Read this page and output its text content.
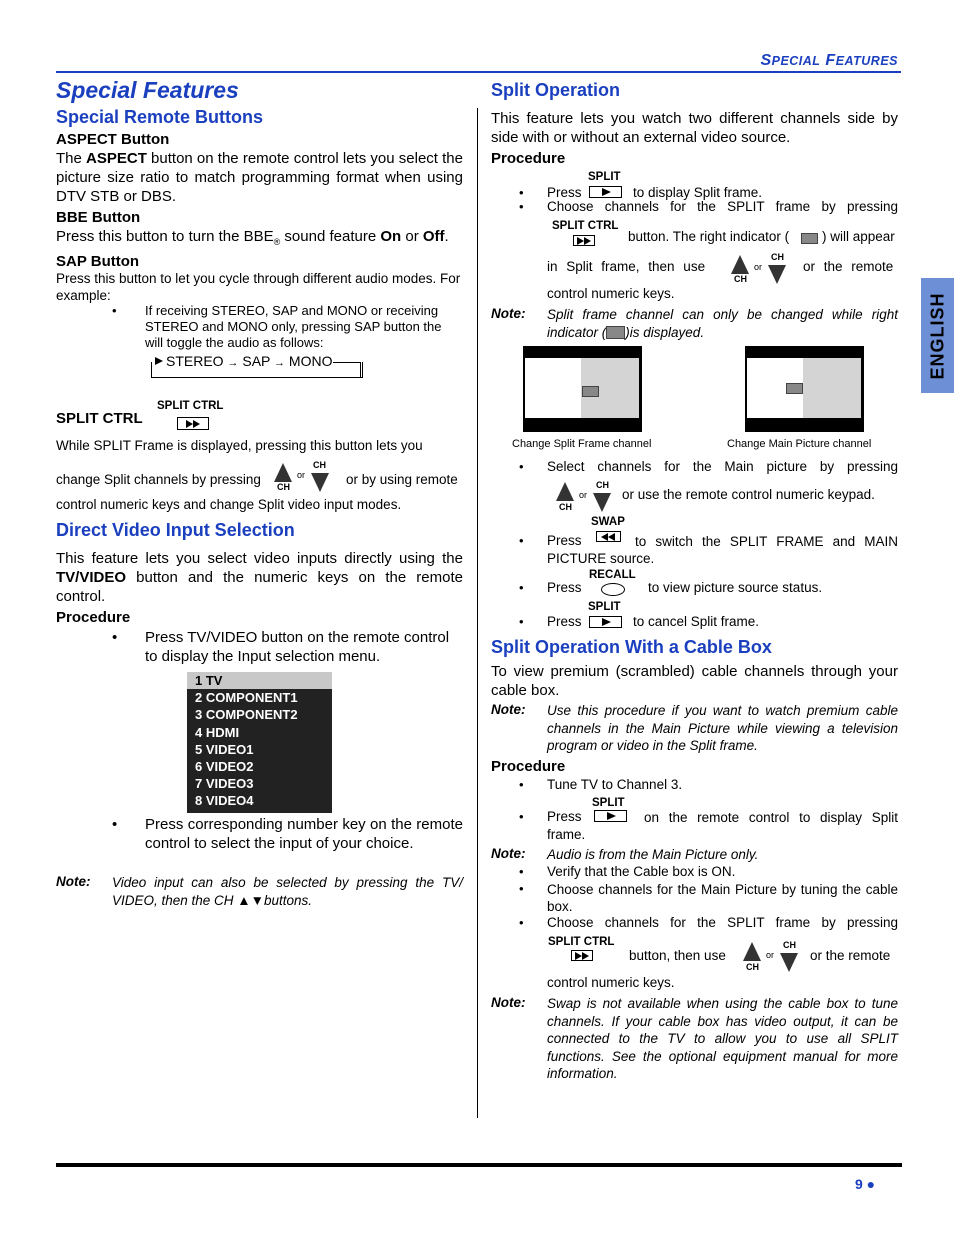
SPECIAL FEATURES
ENGLISH
Special Features
Special Remote Buttons
ASPECT Button
The ASPECT button on the remote control lets you select the picture size ratio to match programming format when using DTV STB or DBS.
BBE Button
Press this button to turn the $BBE_®$ sound feature On or Off.
SAP Button
Press this button to let you cycle through different audio modes. For example:
• If receiving STEREO, SAP and MONO or receiving STEREO and MONO only, pressing SAP button the will toggle the audio as follows:
STEREO → SAP → MONO
SPLIT CTRL
SPLIT CTRL
While SPLIT Frame is displayed, pressing this button lets you
change Split channels by pressing CH
or
CH
or by using remote
control numeric keys and change Split video input modes.
Direct Video Input Selection
This feature lets you select video inputs directly using the TV/VIDEO button and the numeric keys on the remote control.
Procedure
• Press TV/VIDEO button on the remote control to display the Input selection menu.
1 TV
2 COMPONENT1
3 COMPONENT2
4 HDMI
5 VIDEO1
6 VIDEO2
7 VIDEO3
8 VIDEO4
• Press corresponding number key on the remote control to select the input of your choice.
Note: Video input can also be selected by pressing the TV/ VIDEO, then the CH ▲▼buttons.
Split Operation
This feature lets you watch two different channels side by side with or without an external video source.
Procedure
SPLIT
• Press	to display Split frame.
• Choose channels for the SPLIT frame by pressing
SPLIT CTRL
button. The right indicator ( ) will appear
in Split frame, then use
CH
or
CH
or the remote
control numeric keys.
Note: Split frame channel can only be changed while right indicator ( )is displayed.
Change Split Frame channel	Change Main Picture channel
• Select channels for the Main picture by pressing
CH
or
CH
or use the remote control numeric keypad.
SWAP
• Press	to switch the SPLIT FRAME and MAIN PICTURE source.
RECALL
• Press	to view picture source status.
SPLIT
• Press	to cancel Split frame.
Split Operation With a Cable Box
To view premium (scrambled) cable channels through your cable box.
Note: Use this procedure if you want to watch premium cable channels in the Main Picture while viewing a television program or video in the Split frame.
Procedure
• Tune TV to Channel 3.
SPLIT
• Press	on the remote control to display Split frame.
Note: Audio is from the Main Picture only.
• Verify that the Cable box is ON.
• Choose channels for the Main Picture by tuning the cable box.
• Choose channels for the SPLIT frame by pressing
SPLIT CTRL
button, then use
CH
or
CH
or the remote
control numeric keys.
Note: Swap is not available when using the cable box to tune channels. If your cable box has video output, it can be connected to the TV to allow you to use all SPLIT functions. See the optional equipment manual for more information.
9 ●
